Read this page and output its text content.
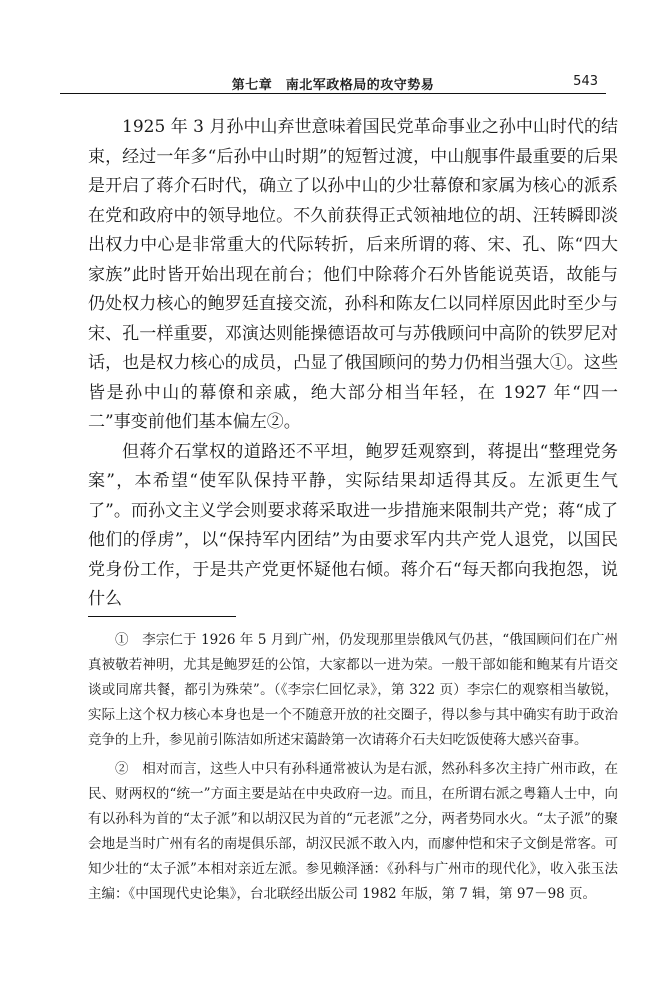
第七章　南北军政格局的攻守势易	543

1925 年 3 月孙中山弃世意味着国民党革命事业之孙中山时代的结束，经过一年多“后孙中山时期”的短暂过渡，中山舰事件最重要的后果是开启了蒋介石时代，确立了以孙中山的少壮幕僚和家属为核心的派系在党和政府中的领导地位。不久前获得正式领袖地位的胡、汪转瞬即淡出权力中心是非常重大的代际转折，后来所谓的蒋、宋、孔、陈“四大家族”此时皆开始出现在前台；他们中除蒋介石外皆能说英语，故能与仍处权力核心的鲍罗廷直接交流，孙科和陈友仁以同样原因此时至少与宋、孔一样重要，邓演达则能操德语故可与苏俄顾问中高阶的铁罗尼对话，也是权力核心的成员，凸显了俄国顾问的势力仍相当强大①。这些皆是孙中山的幕僚和亲戚，绝大部分相当年轻，在 1927 年“四一二”事变前他们基本偏左②。

但蒋介石掌权的道路还不平坦，鲍罗廷观察到，蒋提出“整理党务案”，本希望“使军队保持平静，实际结果却适得其反。左派更生气了”。而孙文主义学会则要求蒋采取进一步措施来限制共产党；蒋“成了他们的俘虏”，以“保持军内团结”为由要求军内共产党人退党，以国民党身份工作，于是共产党更怀疑他右倾。蒋介石“每天都向我抱怨，说什么

①　李宗仁于 1926 年 5 月到广州，仍发现那里崇俄风气仍甚，“俄国顾问们在广州真被敬若神明，尤其是鲍罗廷的公馆，大家都以一进为荣。一般干部如能和鲍某有片语交谈或同席共餐，都引为殊荣”。（《李宗仁回忆录》，第 322 页）李宗仁的观察相当敏锐，实际上这个权力核心本身也是一个不随意开放的社交圈子，得以参与其中确实有助于政治竞争的上升，参见前引陈洁如所述宋蔼龄第一次请蒋介石夫妇吃饭使蒋大感兴奋事。

②　相对而言，这些人中只有孙科通常被认为是右派，然孙科多次主持广州市政，在民、财两权的“统一”方面主要是站在中央政府一边。而且，在所谓右派之粤籍人士中，向有以孙科为首的“太子派”和以胡汉民为首的“元老派”之分，两者势同水火。“太子派”的聚会地是当时广州有名的南堤俱乐部，胡汉民派不敢入内，而廖仲恺和宋子文倒是常客。可知少壮的“太子派”本相对亲近左派。参见赖泽涵：《孙科与广州市的现代化》，收入张玉法主编：《中国现代史论集》，台北联经出版公司 1982 年版，第 7 辑，第 97－98 页。
